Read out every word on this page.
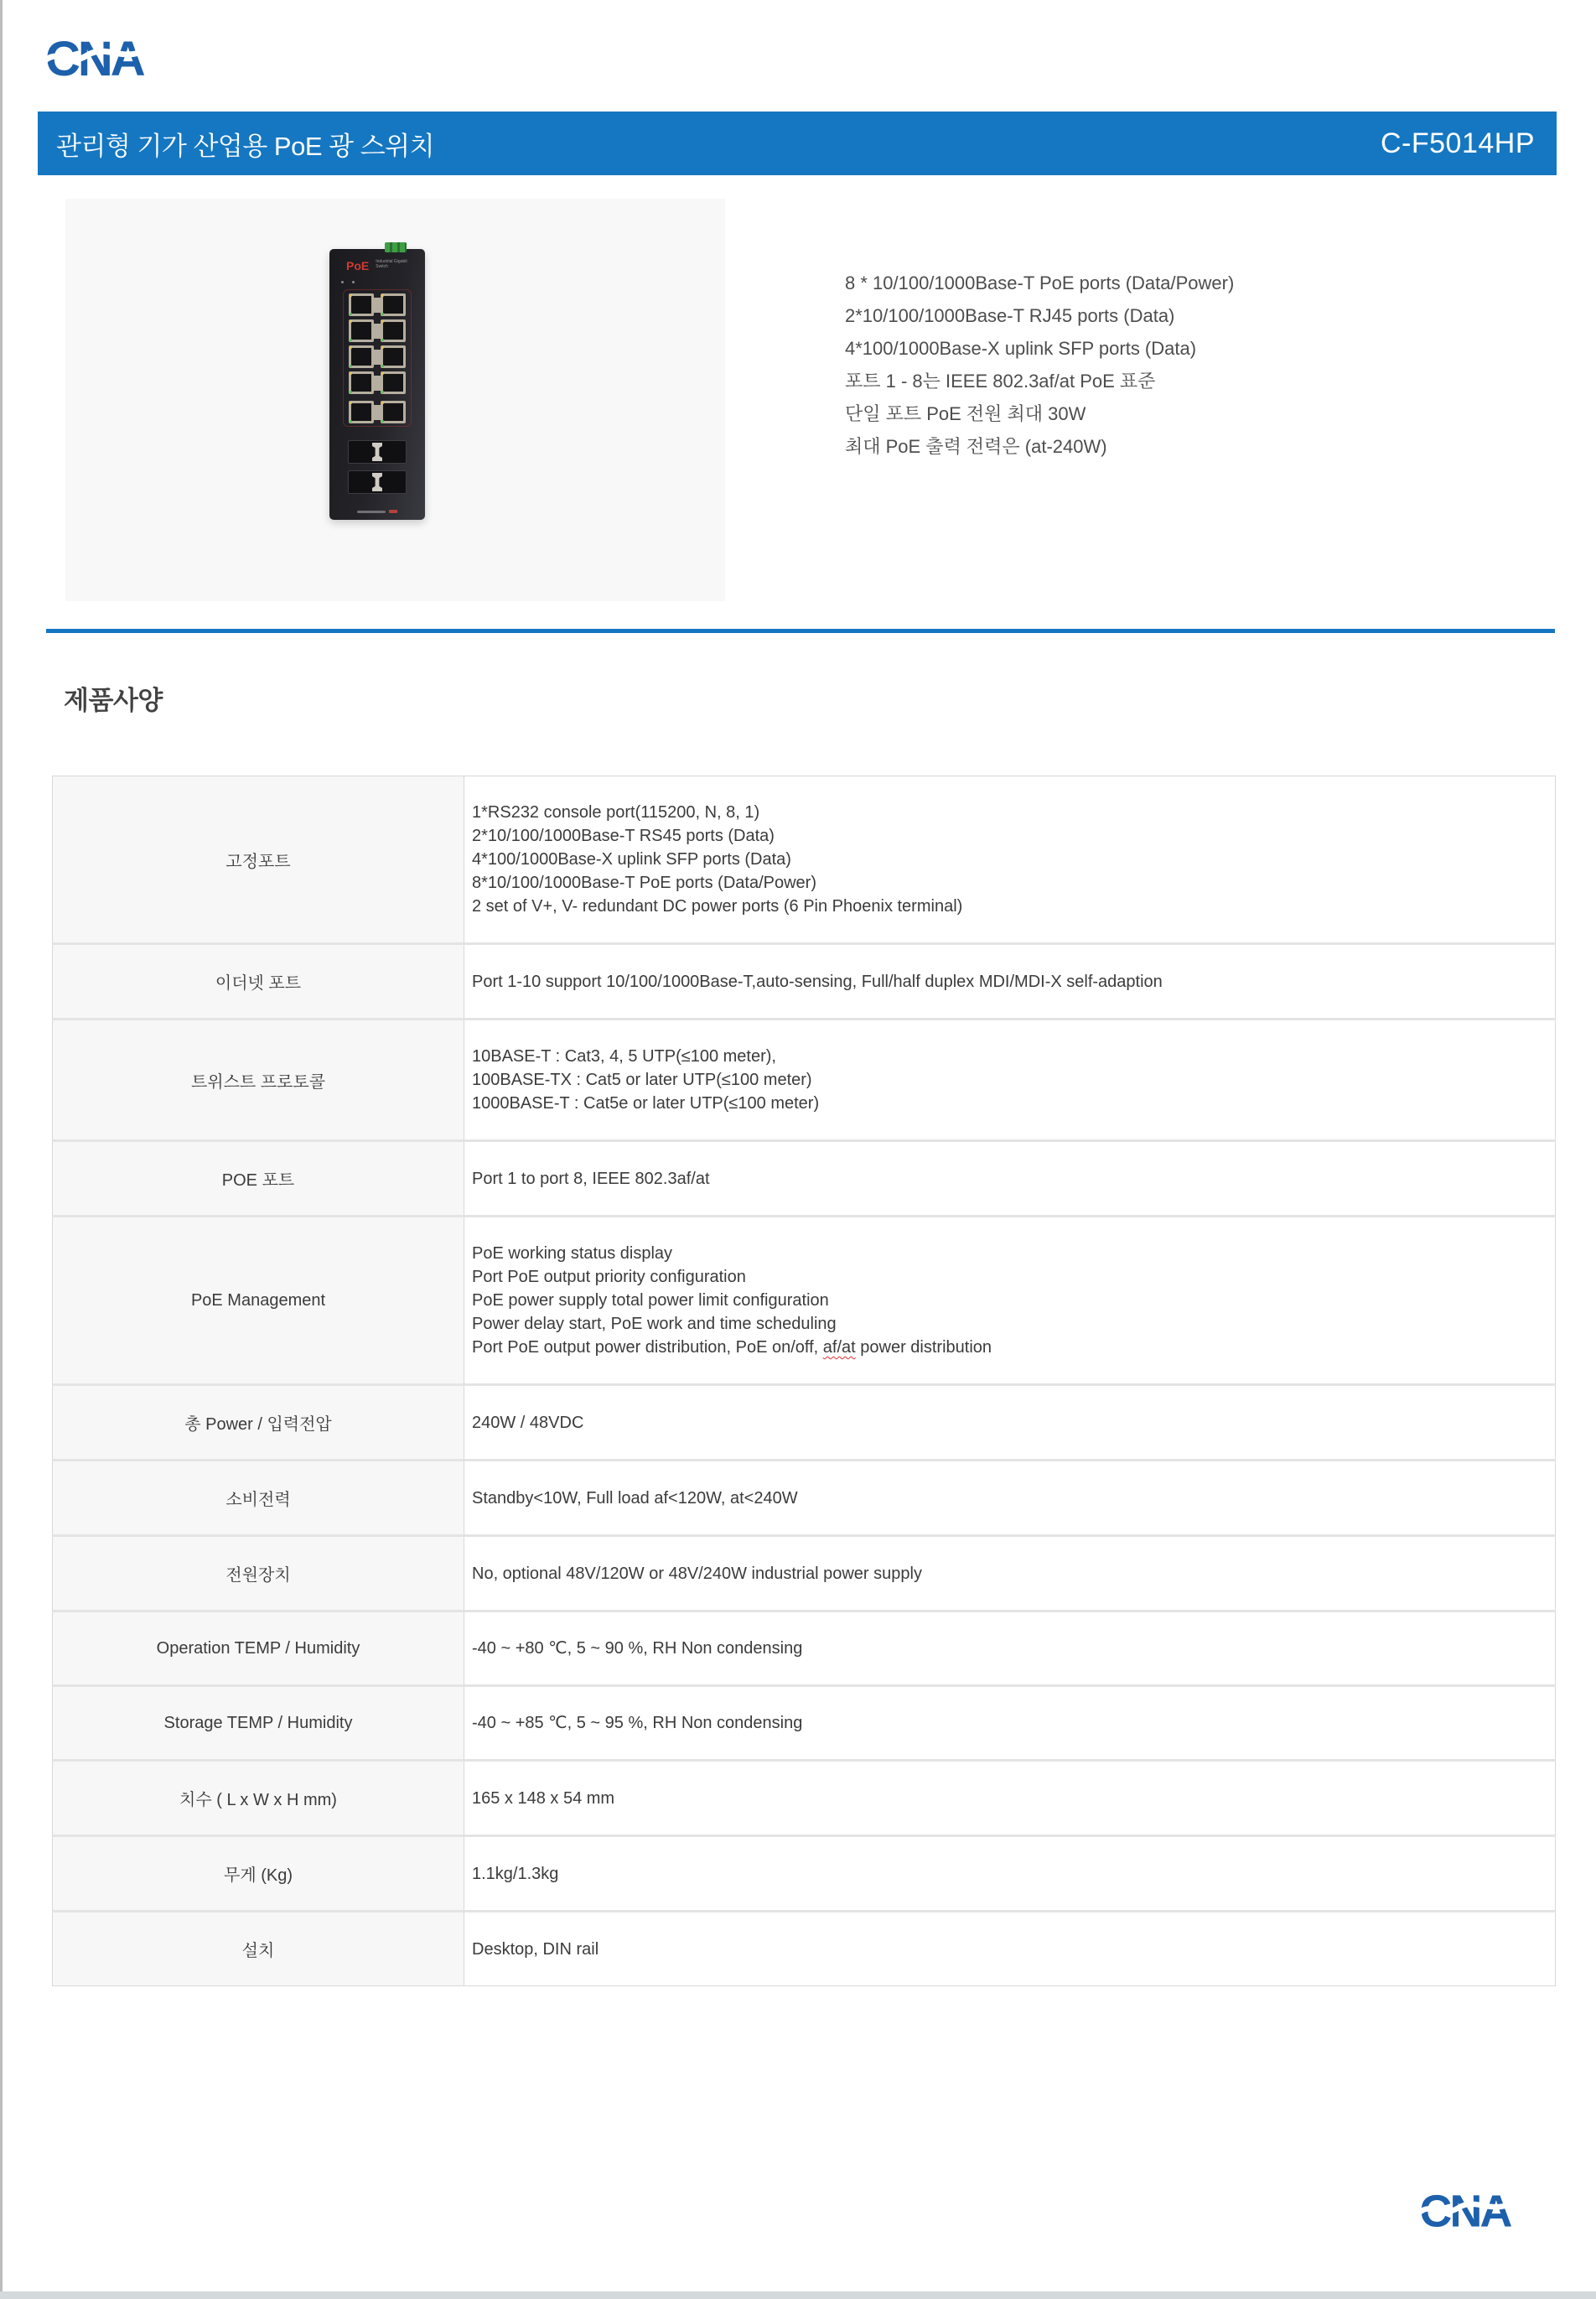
CNA
관리형 기가 산업용 PoE 광 스위치	C-F5014HP
PoE Industrial Gigabit Switch
8 * 10/100/1000Base-T PoE ports (Data/Power)
2*10/100/1000Base-T RJ45 ports (Data)
4*100/1000Base-X uplink SFP ports (Data)
포트 1 - 8는 IEEE 802.3af/at PoE 표준
단일 포트 PoE 전원 최대 30W
최대 PoE 출력 전력은 (at-240W)
제품사양
고정포트	1*RS232 console port(115200, N, 8, 1)
2*10/100/1000Base-T RS45 ports (Data)
4*100/1000Base-X uplink SFP ports (Data)
8*10/100/1000Base-T PoE ports (Data/Power)
2 set of V+, V- redundant DC power ports (6 Pin Phoenix terminal)

이더넷 포트	Port 1-10 support 10/100/1000Base-T,auto-sensing, Full/half duplex MDI/MDI-X self-adaption

트위스트 프로토콜	10BASE-T : Cat3, 4, 5 UTP(≤100 meter),
100BASE-TX : Cat5 or later UTP(≤100 meter)
1000BASE-T : Cat5e or later UTP(≤100 meter)

POE 포트	Port 1 to port 8, IEEE 802.3af/at

PoE Management	PoE working status display
Port PoE output priority configuration
PoE power supply total power limit configuration
Power delay start, PoE work and time scheduling
Port PoE output power distribution, PoE on/off, af/at power distribution

총 Power / 입력전압	240W / 48VDC

소비전력	Standby<10W, Full load af<120W, at<240W

전원장치	No, optional 48V/120W or 48V/240W industrial power supply

Operation TEMP / Humidity	-40 ~ +80 ℃, 5 ~ 90 %, RH Non condensing

Storage TEMP / Humidity	-40 ~ +85 ℃, 5 ~ 95 %, RH Non condensing

치수 ( L x W x H mm)	165 x 148 x 54 mm

무게 (Kg)	1.1kg/1.3kg

설치	Desktop, DIN rail
CNA
